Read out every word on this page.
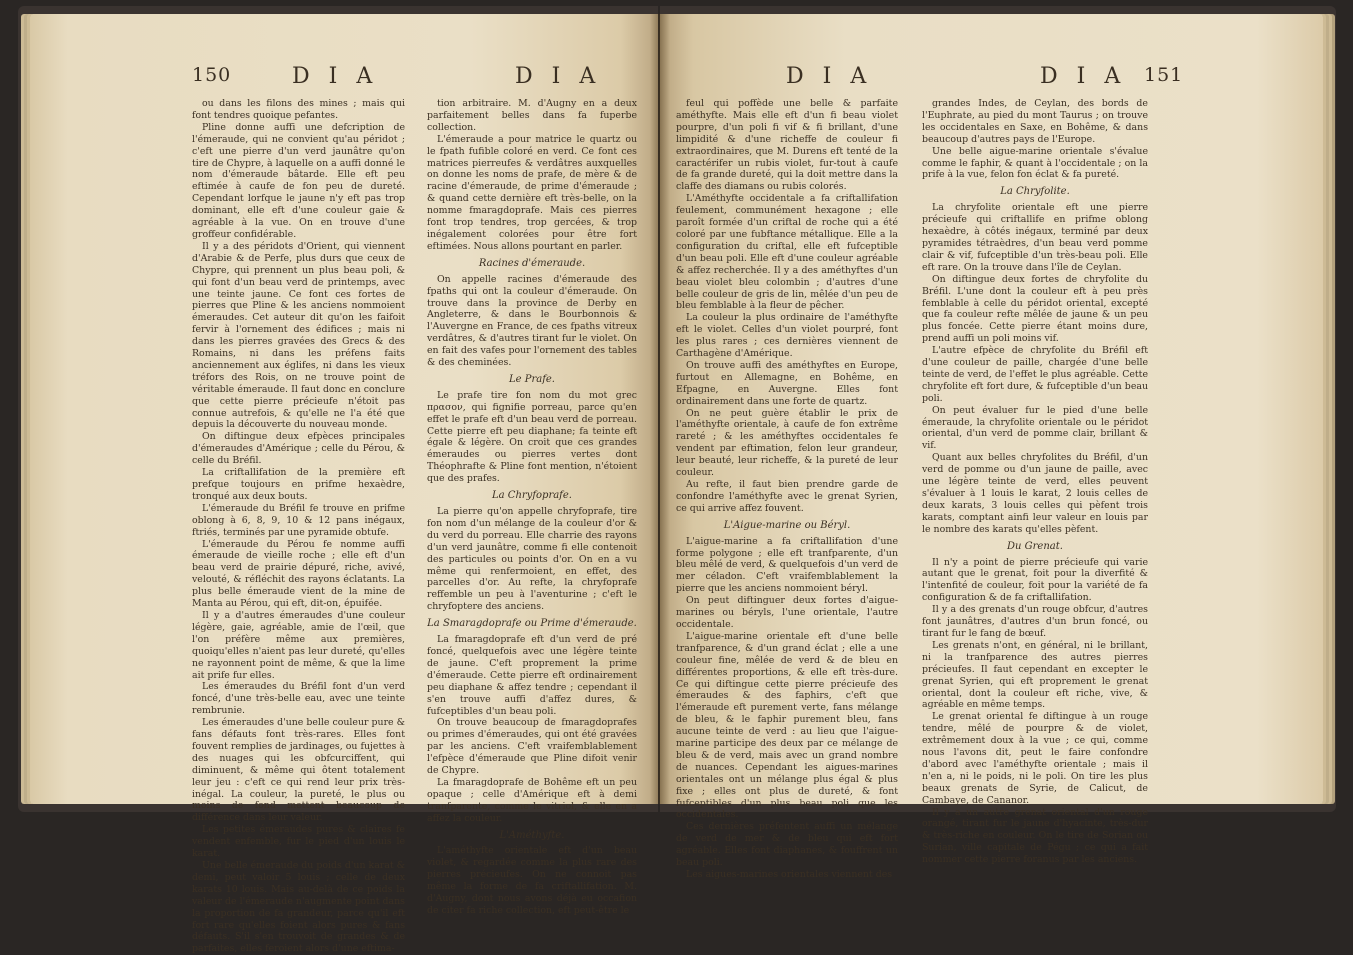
150	D I A	D I A

ou dans les filons des mines ; mais qui font tendres quoique pefantes.

Pline donne auffi une defcription de l'émeraude, qui ne convient qu'au péridot ; c'eft une pierre d'un verd jaunâtre qu'on tire de Chypre, à laquelle on a auffi donné le nom d'émeraude bâtarde. Elle eft peu eftimée à caufe de fon peu de dureté. Cependant lorfque le jaune n'y eft pas trop dominant, elle eft d'une couleur gaie & agréable à la vue. On en trouve d'une groffeur confidérable.

Il y a des péridots d'Orient, qui viennent d'Arabie & de Perfe, plus durs que ceux de Chypre, qui prennent un plus beau poli, & qui font d'un beau verd de printemps, avec une teinte jaune. Ce font ces fortes de pierres que Pline & les anciens nommoient émeraudes. Cet auteur dit qu'on les faifoit fervir à l'ornement des édifices ; mais ni dans les pierres gravées des Grecs & des Romains, ni dans les préfens faits anciennement aux églifes, ni dans les vieux tréfors des Rois, on ne trouve point de véritable émeraude. Il faut donc en conclure que cette pierre précieufe n'étoit pas connue autrefois, & qu'elle ne l'a été que depuis la découverte du nouveau monde.

On diftingue deux efpèces principales d'émeraudes d'Amérique ; celle du Pérou, & celle du Bréfil.

La criftallifation de la première eft prefque toujours en prifme hexaèdre, tronqué aux deux bouts.

L'émeraude du Bréfil fe trouve en prifme oblong à 6, 8, 9, 10 & 12 pans inégaux, ftriés, terminés par une pyramide obtufe.

L'émeraude du Pérou fe nomme auffi émeraude de vieille roche ; elle eft d'un beau verd de prairie dépuré, riche, avivé, velouté, & réfléchit des rayons éclatants. La plus belle émeraude vient de la mine de Manta au Pérou, qui eft, dit-on, épuifée.

Il y a d'autres émeraudes d'une couleur légère, gaie, agréable, amie de l'œil, que l'on préfère même aux premières, quoiqu'elles n'aient pas leur dureté, qu'elles ne rayonnent point de même, & que la lime ait prife fur elles.

Les émeraudes du Bréfil font d'un verd foncé, d'une très-belle eau, avec une teinte rembrunie.

Les émeraudes d'une belle couleur pure & fans défauts font très-rares. Elles font fouvent remplies de jardinages, ou fujettes à des nuages qui les obfcurciffent, qui diminuent, & même qui ôtent totalement leur jeu : c'eft ce qui rend leur prix très-inégal. La couleur, la pureté, le plus ou moins de fond mettent beaucoup de différence dans leur valeur.

Les petites émeraudes pures & claires fe vendent enfemble, fur le pied d'un louis le karat.

Une belle émeraude du poids d'un karat & demi, peut valoir 5 louis ; celle de deux karats 10 louis. Mais au-delà de ce poids la valeur de l'émeraude n'augmente point dans la proportion de fa grandeur, parce qu'il eft fort rare qu'elles foient alors pures & fans défauts. S'il s'en trouvoit de grandes & de parfaites, elles feroient alors d'une eftima-

tion arbitraire. M. d'Augny en a deux parfaitement belles dans fa fuperbe collection.

L'émeraude a pour matrice le quartz ou le fpath fufible coloré en verd. Ce font ces matrices pierreufes & verdâtres auxquelles on donne les noms de prafe, de mère & de racine d'émeraude, de prime d'émeraude ; & quand cette dernière eft très-belle, on la nomme fmaragdoprafe. Mais ces pierres font trop tendres, trop gercées, & trop inégalement colorées pour être fort eftimées. Nous allons pourtant en parler.

Racines d'émeraude.

On appelle racines d'émeraude des fpaths qui ont la couleur d'émeraude. On trouve dans la province de Derby en Angleterre, & dans le Bourbonnois & l'Auvergne en France, de ces fpaths vitreux verdâtres, & d'autres tirant fur le violet. On en fait des vafes pour l'ornement des tables & des cheminées.

Le Prafe.

Le prafe tire fon nom du mot grec πρασον, qui fignifie porreau, parce qu'en effet le prafe eft d'un beau verd de porreau. Cette pierre eft peu diaphane; fa teinte eft égale & légère. On croit que ces grandes émeraudes ou pierres vertes dont Théophrafte & Pline font mention, n'étoient que des prafes.

La Chryfoprafe.

La pierre qu'on appelle chryfoprafe, tire fon nom d'un mélange de la couleur d'or & du verd du porreau. Elle charrie des rayons d'un verd jaunâtre, comme fi elle contenoit des particules ou points d'or. On en a vu même qui renfermoient, en effet, des parcelles d'or. Au refte, la chryfoprafe reffemble un peu à l'aventurine ; c'eft le chryfoptere des anciens.

La Smaragdoprafe ou Prime d'émeraude.

La fmaragdoprafe eft d'un verd de pré foncé, quelquefois avec une légère teinte de jaune. C'eft proprement la prime d'émeraude. Cette pierre eft ordinairement peu diaphane & affez tendre ; cependant il s'en trouve auffi d'affez dures, & fufceptibles d'un beau poli.

On trouve beaucoup de fmaragdoprafes ou primes d'émeraudes, qui ont été gravées par les anciens. C'eft vraifemblablement l'efpèce d'émeraude que Pline difoit venir de Chypre.

La fmaragdoprafe de Bohême eft un peu opaque ; celle d'Amérique eft à demi tranfparente, comme le vitriol, & elle en a affez la couleur.

L'Améthyfte.

L'améthyfte orientale eft d'un beau violet, & regardée comme la plus rare des pierres précieufes. On ne connoit pas même la forme de fa criftallifation. M. d'Augny, dont nous avons déjà eu occafion de citer fa riche collection, eft peut-être le

D I A	D I A 151

feul qui poffède une belle & parfaite améthyfte. Mais elle eft d'un fi beau violet pourpre, d'un poli fi vif & fi brillant, d'une limpidité & d'une richeffe de couleur fi extraordinaires, que M. Durens eft tenté de la caractérifer un rubis violet, fur-tout à caufe de fa grande dureté, qui la doit mettre dans la claffe des diamans ou rubis colorés.

L'Améthyfte occidentale a fa criftallifation feulement, communément hexagone ; elle paroît formée d'un criftal de roche qui a été coloré par une fubftance métallique. Elle a la configuration du criftal, elle eft fufceptible d'un beau poli. Elle eft d'une couleur agréable & affez recherchée. Il y a des améthyftes d'un beau violet bleu colombin ; d'autres d'une belle couleur de gris de lin, mêlée d'un peu de bleu femblable à la fleur de pêcher.

La couleur la plus ordinaire de l'améthyfte eft le violet. Celles d'un violet pourpré, font les plus rares ; ces dernières viennent de Carthagène d'Amérique.

On trouve auffi des améthyftes en Europe, furtout en Allemagne, en Bohême, en Efpagne, en Auvergne. Elles font ordinairement dans une forte de quartz.

On ne peut guère établir le prix de l'améthyfte orientale, à caufe de fon extrême rareté ; & les améthyftes occidentales fe vendent par eftimation, felon leur grandeur, leur beauté, leur richeffe, & la pureté de leur couleur.

Au refte, il faut bien prendre garde de confondre l'améthyfte avec le grenat Syrien, ce qui arrive affez fouvent.

L'Aigue-marine ou Béryl.

L'aigue-marine a fa criftallifation d'une forme polygone ; elle eft tranfparente, d'un bleu mêlé de verd, & quelquefois d'un verd de mer céladon. C'eft vraifemblablement la pierre que les anciens nommoient béryl.

On peut diftinguer deux fortes d'aigue-marines ou béryls, l'une orientale, l'autre occidentale.

L'aigue-marine orientale eft d'une belle tranfparence, & d'un grand éclat ; elle a une couleur fine, mêlée de verd & de bleu en différentes proportions, & elle eft très-dure. Ce qui diftingue cette pierre précieufe des émeraudes & des faphirs, c'eft que l'émeraude eft purement verte, fans mélange de bleu, & le faphir purement bleu, fans aucune teinte de verd : au lieu que l'aigue-marine participe des deux par ce mélange de bleu & de verd, mais avec un grand nombre de nuances. Cependant les aigues-marines orientales ont un mélange plus égal & plus fixe ; elles ont plus de dureté, & font fufceptibles d'un plus beau poli que les occidentales.

Ces dernières préfentent auffi un mélange de verd de mer & de bleu qui eft fort agréable. Elles font diaphanes, & fouffrent un beau poli.

Les aigues-marines orientales viennent des

grandes Indes, de Ceylan, des bords de l'Euphrate, au pied du mont Taurus ; on trouve les occidentales en Saxe, en Bohême, & dans beaucoup d'autres pays de l'Europe.

Une belle aigue-marine orientale s'évalue comme le faphir, & quant à l'occidentale ; on la prife à la vue, felon fon éclat & fa pureté.

La Chryfolite.

La chryfolite orientale eft une pierre précieufe qui criftallife en prifme oblong hexaèdre, à côtés inégaux, terminé par deux pyramides tétraèdres, d'un beau verd pomme clair & vif, fufceptible d'un très-beau poli. Elle eft rare. On la trouve dans l'île de Ceylan.

On diftingue deux fortes de chryfolite du Bréfil. L'une dont la couleur eft à peu près femblable à celle du péridot oriental, excepté que fa couleur refte mêlée de jaune & un peu plus foncée. Cette pierre étant moins dure, prend auffi un poli moins vif.

L'autre efpèce de chryfolite du Bréfil eft d'une couleur de paille, chargée d'une belle teinte de verd, de l'effet le plus agréable. Cette chryfolite eft fort dure, & fufceptible d'un beau poli.

On peut évaluer fur le pied d'une belle émeraude, la chryfolite orientale ou le péridot oriental, d'un verd de pomme clair, brillant & vif.

Quant aux belles chryfolites du Bréfil, d'un verd de pomme ou d'un jaune de paille, avec une légère teinte de verd, elles peuvent s'évaluer à 1 louis le karat, 2 louis celles de deux karats, 3 louis celles qui pèfent trois karats, comptant ainfi leur valeur en louis par le nombre des karats qu'elles pèfent.

Du Grenat.

Il n'y a point de pierre précieufe qui varie autant que le grenat, foit pour la diverfité & l'intenfité de couleur, foit pour la variété de fa configuration & de fa criftallifation.

Il y a des grenats d'un rouge obfcur, d'autres font jaunâtres, d'autres d'un brun foncé, ou tirant fur le fang de bœuf.

Les grenats n'ont, en général, ni le brillant, ni la tranfparence des autres pierres précieufes. Il faut cependant en excepter le grenat Syrien, qui eft proprement le grenat oriental, dont la couleur eft riche, vive, & agréable en même temps.

Le grenat oriental fe diftingue à un rouge tendre, mêlé de pourpre & de violet, extrêmement doux à la vue ; ce qui, comme nous l'avons dit, peut le faire confondre d'abord avec l'améthyfte orientale ; mais il n'en a, ni le poids, ni le poli. On tire les plus beaux grenats de Syrie, de Calicut, de Cambaye, de Cananor.

Il y a un autre grenat oriental d'un rouge orangé, tirant fur le jaune d'hyacinte, très-dur & très-riche en couleur. On le tire de Sorian ou Surian, ville capitale de Pégu ; ce qui a fait nommer cette pierre foranus par les anciens.
